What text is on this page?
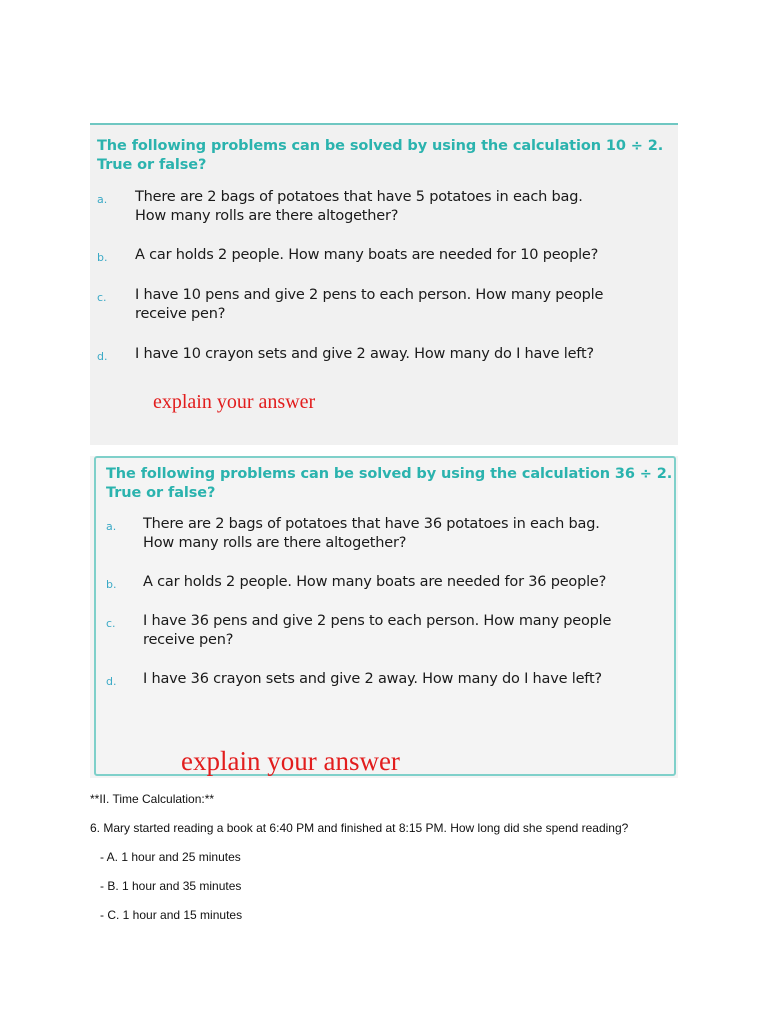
The following problems can be solved by using the calculation 10 ÷ 2.
True or false?
a. There are 2 bags of potatoes that have 5 potatoes in each bag.
How many rolls are there altogether?
b. A car holds 2 people. How many boats are needed for 10 people?
c. I have 10 pens and give 2 pens to each person. How many people
receive pen?
d. I have 10 crayon sets and give 2 away. How many do I have left?
explain your answer
The following problems can be solved by using the calculation 36 ÷ 2.
True or false?
a. There are 2 bags of potatoes that have 36 potatoes in each bag.
How many rolls are there altogether?
b. A car holds 2 people. How many boats are needed for 36 people?
c. I have 36 pens and give 2 pens to each person. How many people
receive pen?
d. I have 36 crayon sets and give 2 away. How many do I have left?
explain your answer
**II. Time Calculation:**
6. Mary started reading a book at 6:40 PM and finished at 8:15 PM. How long did she spend reading?
- A. 1 hour and 25 minutes
- B. 1 hour and 35 minutes
- C. 1 hour and 15 minutes
